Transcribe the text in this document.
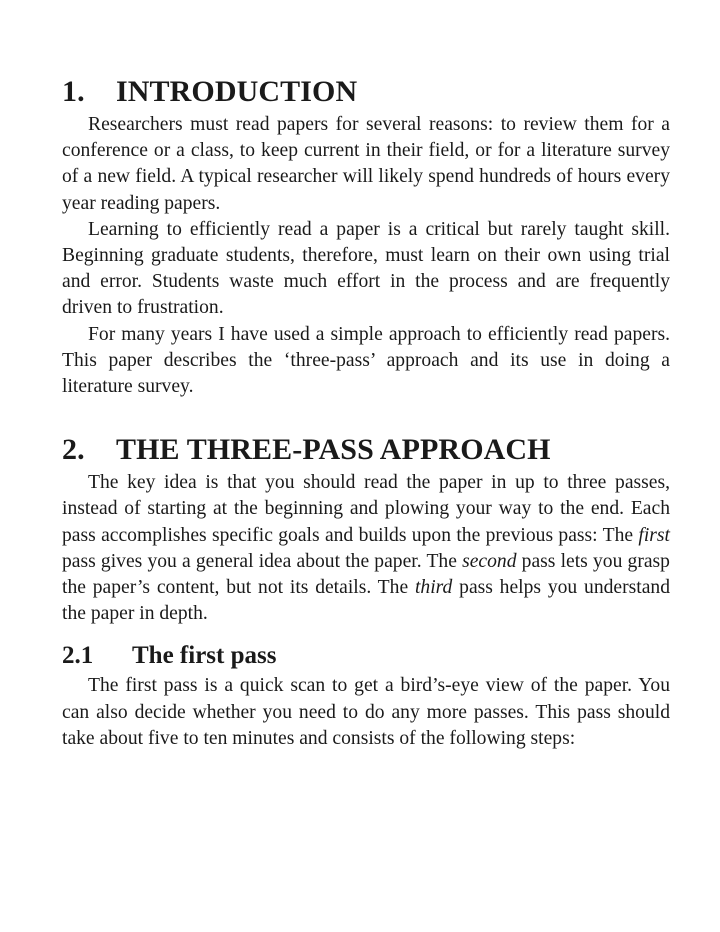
1. INTRODUCTION

Researchers must read papers for several reasons: to review them for a conference or a class, to keep current in their field, or for a literature survey of a new field. A typical researcher will likely spend hundreds of hours every year reading papers.

Learning to efficiently read a paper is a critical but rarely taught skill. Beginning graduate students, therefore, must learn on their own using trial and error. Students waste much effort in the process and are frequently driven to frustration.

For many years I have used a simple approach to efficiently read papers. This paper describes the ‘three-pass’ approach and its use in doing a literature survey.

2. THE THREE-PASS APPROACH

The key idea is that you should read the paper in up to three passes, instead of starting at the beginning and plowing your way to the end. Each pass accomplishes specific goals and builds upon the previous pass: The first pass gives you a general idea about the paper. The second pass lets you grasp the paper’s content, but not its details. The third pass helps you understand the paper in depth.

2.1 The first pass

The first pass is a quick scan to get a bird’s-eye view of the paper. You can also decide whether you need to do any more passes. This pass should take about five to ten minutes and consists of the following steps:
